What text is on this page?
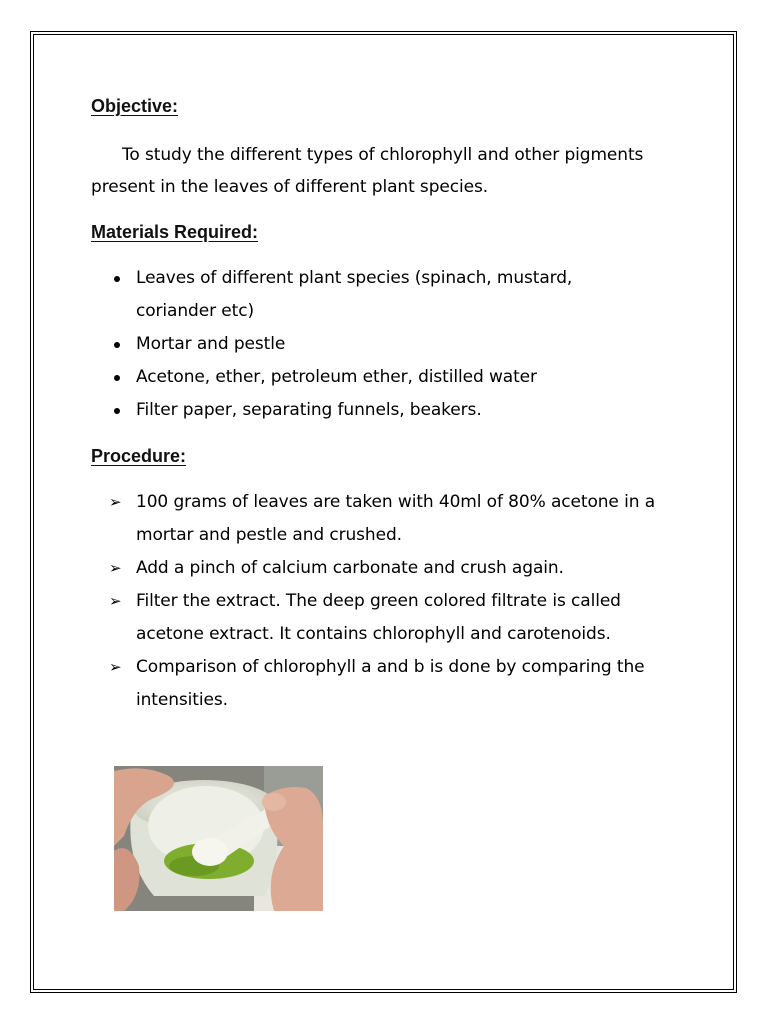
Objective:

To study the different types of chlorophyll and other pigments present in the leaves of different plant species.

Materials Required:
Leaves of different plant species (spinach, mustard, coriander etc)
Mortar and pestle
Acetone, ether, petroleum ether, distilled water
Filter paper, separating funnels, beakers.
Procedure:
➢ 100 grams of leaves are taken with 40ml of 80% acetone in a mortar and pestle and crushed.
➢ Add a pinch of calcium carbonate and crush again.
➢ Filter the extract. The deep green colored filtrate is called acetone extract. It contains chlorophyll and carotenoids.
➢ Comparison of chlorophyll a and b is done by comparing the intensities.
